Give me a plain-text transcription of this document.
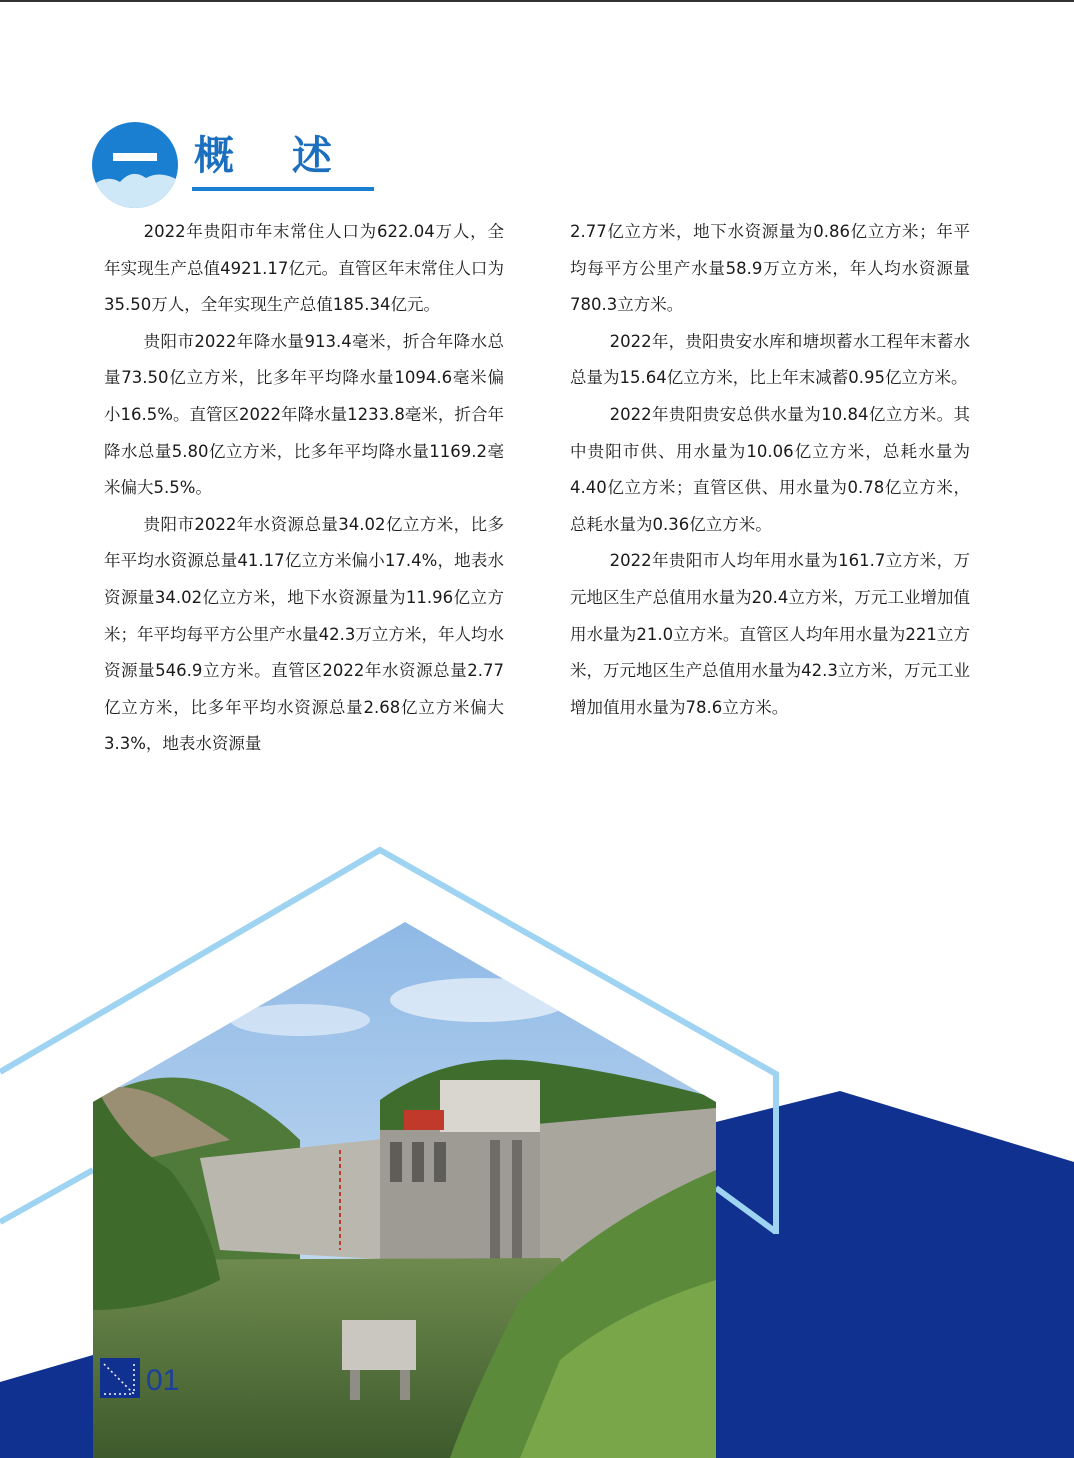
概 述

2022年贵阳市年末常住人口为622.04万人，全年实现生产总值4921.17亿元。直管区年末常住人口为35.50万人，全年实现生产总值185.34亿元。

贵阳市2022年降水量913.4毫米，折合年降水总量73.50亿立方米，比多年平均降水量1094.6毫米偏小16.5%。直管区2022年降水量1233.8毫米，折合年降水总量5.80亿立方米，比多年平均降水量1169.2毫米偏大5.5%。

贵阳市2022年水资源总量34.02亿立方米，比多年平均水资源总量41.17亿立方米偏小17.4%，地表水资源量34.02亿立方米，地下水资源量为11.96亿立方米；年平均每平方公里产水量42.3万立方米，年人均水资源量546.9立方米。直管区2022年水资源总量2.77亿立方米，比多年平均水资源总量2.68亿立方米偏大3.3%，地表水资源量

2.77亿立方米，地下水资源量为0.86亿立方米；年平均每平方公里产水量58.9万立方米，年人均水资源量780.3立方米。

2022年，贵阳贵安水库和塘坝蓄水工程年末蓄水总量为15.64亿立方米，比上年末减蓄0.95亿立方米。

2022年贵阳贵安总供水量为10.84亿立方米。其中贵阳市供、用水量为10.06亿立方米，总耗水量为4.40亿立方米；直管区供、用水量为0.78亿立方米，总耗水量为0.36亿立方米。

2022年贵阳市人均年用水量为161.7立方米，万元地区生产总值用水量为20.4立方米，万元工业增加值用水量为21.0立方米。直管区人均年用水量为221立方米，万元地区生产总值用水量为42.3立方米，万元工业增加值用水量为78.6立方米。

01
